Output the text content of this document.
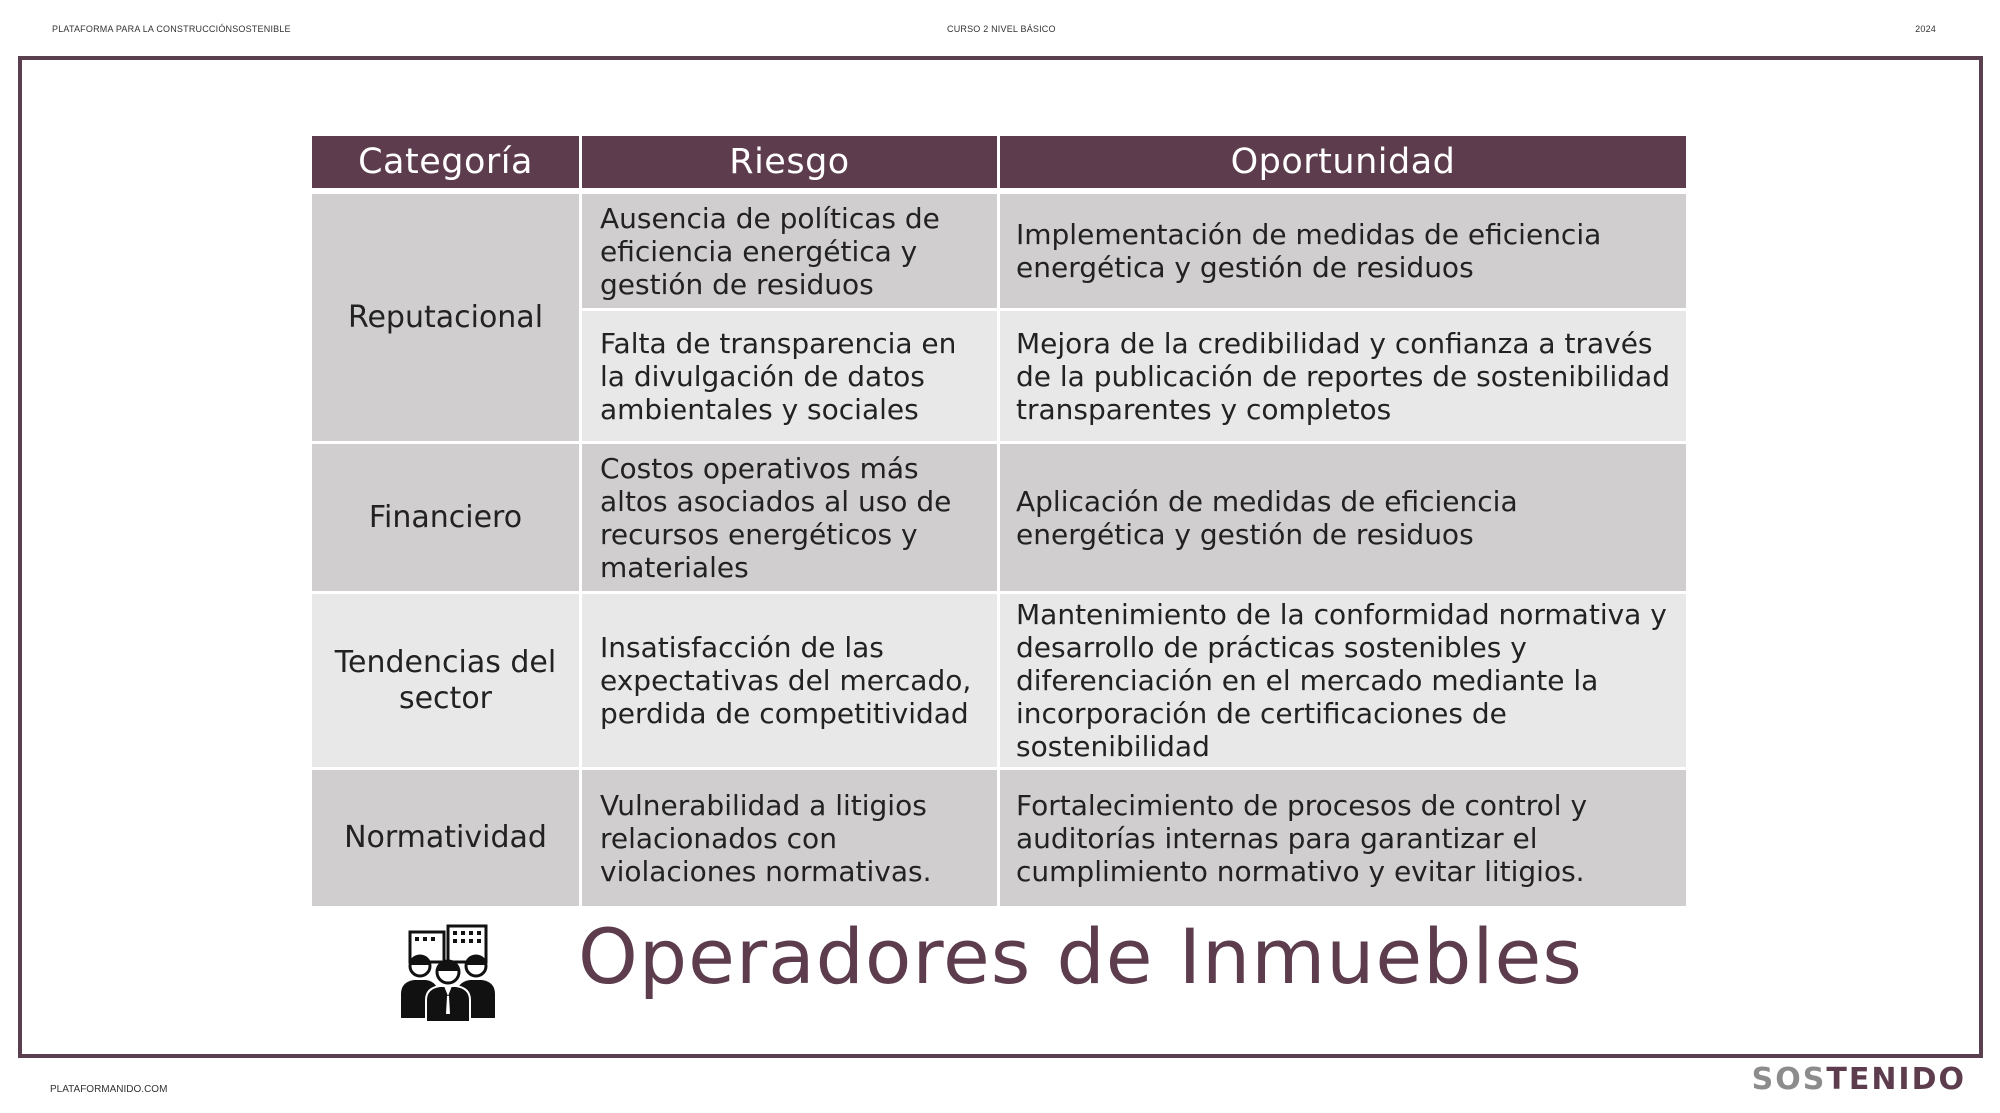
PLATAFORMA PARA LA CONSTRUCCIÓNSOSTENIBLE	CURSO 2 NIVEL BÁSICO	2024
Categoría	Riesgo	Oportunidad
Reputacional	Ausencia de políticas de eficiencia energética y gestión de residuos	Implementación de medidas de eficiencia energética y gestión de residuos
	Falta de transparencia en la divulgación de datos ambientales y sociales	Mejora de la credibilidad y confianza a través de la publicación de reportes de sostenibilidad transparentes y completos
Financiero	Costos operativos más altos asociados al uso de recursos energéticos y materiales	Aplicación de medidas de eficiencia energética y gestión de residuos
Tendencias del sector	Insatisfacción de las expectativas del mercado, perdida de competitividad	Mantenimiento de la conformidad normativa y desarrollo de prácticas sostenibles y diferenciación en el mercado mediante la incorporación de certificaciones de sostenibilidad
Normatividad	Vulnerabilidad a litigios relacionados con violaciones normativas.	Fortalecimiento de procesos de control y auditorías internas para garantizar el cumplimiento normativo y evitar litigios.
Operadores de Inmuebles
PLATAFORMANIDO.COM	SOSTENIDO
